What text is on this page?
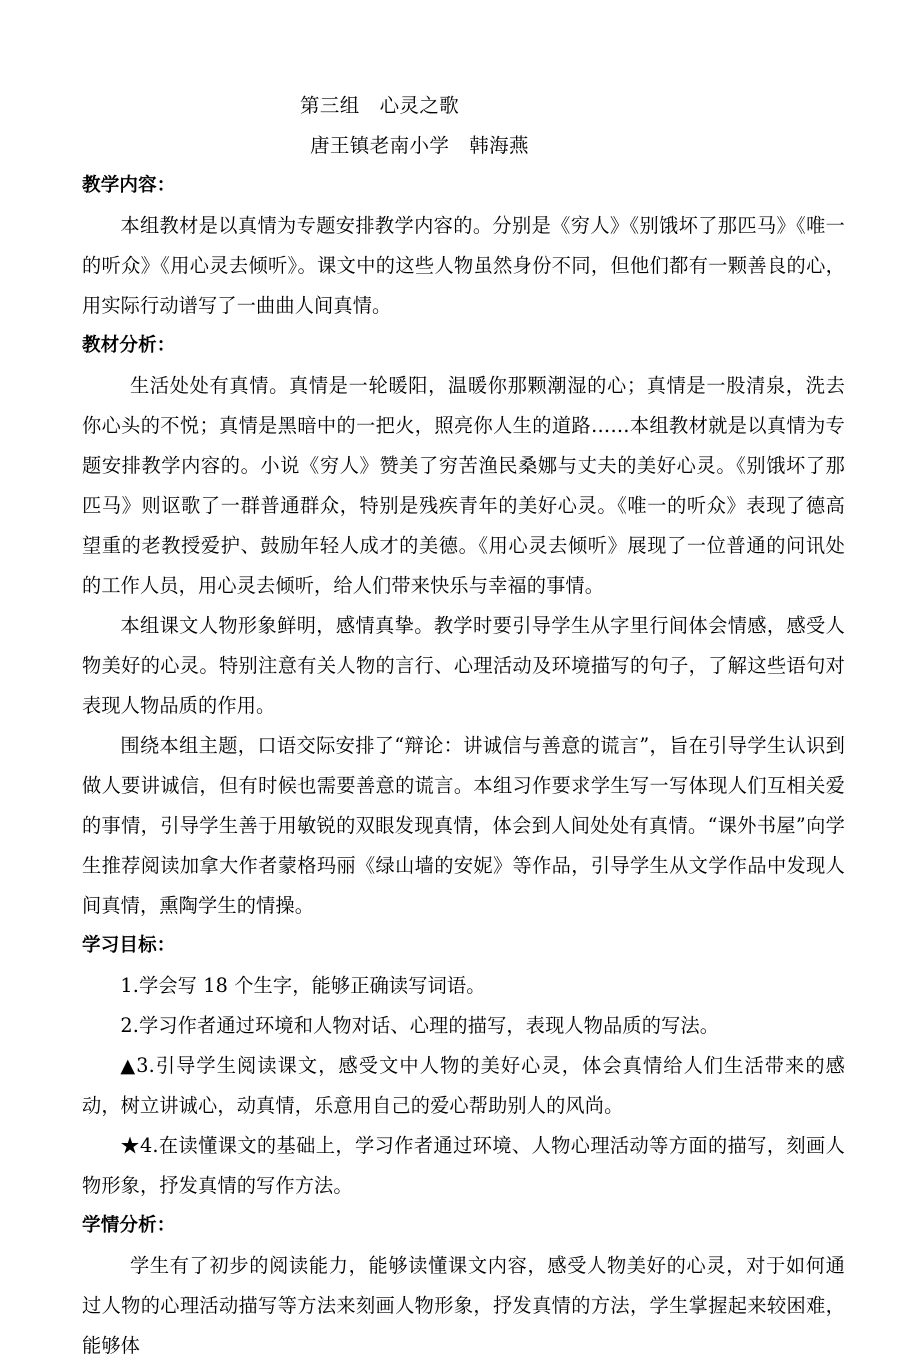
第三组　心灵之歌
唐王镇老南小学　韩海燕
教学内容：

本组教材是以真情为专题安排教学内容的。分别是《穷人》《别饿坏了那匹马》《唯一的听众》《用心灵去倾听》。课文中的这些人物虽然身份不同，但他们都有一颗善良的心，用实际行动谱写了一曲曲人间真情。

教材分析：

生活处处有真情。真情是一轮暖阳，温暖你那颗潮湿的心；真情是一股清泉，洗去你心头的不悦；真情是黑暗中的一把火，照亮你人生的道路……本组教材就是以真情为专题安排教学内容的。小说《穷人》赞美了穷苦渔民桑娜与丈夫的美好心灵。《别饿坏了那匹马》则讴歌了一群普通群众，特别是残疾青年的美好心灵。《唯一的听众》表现了德高望重的老教授爱护、鼓励年轻人成才的美德。《用心灵去倾听》展现了一位普通的问讯处的工作人员，用心灵去倾听，给人们带来快乐与幸福的事情。

本组课文人物形象鲜明，感情真挚。教学时要引导学生从字里行间体会情感，感受人物美好的心灵。特别注意有关人物的言行、心理活动及环境描写的句子，了解这些语句对表现人物品质的作用。

围绕本组主题，口语交际安排了“辩论：讲诚信与善意的谎言”，旨在引导学生认识到做人要讲诚信，但有时候也需要善意的谎言。本组习作要求学生写一写体现人们互相关爱的事情，引导学生善于用敏锐的双眼发现真情，体会到人间处处有真情。“课外书屋”向学生推荐阅读加拿大作者蒙格玛丽《绿山墙的安妮》等作品，引导学生从文学作品中发现人间真情，熏陶学生的情操。

学习目标：

1.学会写 18 个生字，能够正确读写词语。

2.学习作者通过环境和人物对话、心理的描写，表现人物品质的写法。

▲3.引导学生阅读课文，感受文中人物的美好心灵，体会真情给人们生活带来的感动，树立讲诚心，动真情，乐意用自己的爱心帮助别人的风尚。

★4.在读懂课文的基础上，学习作者通过环境、人物心理活动等方面的描写，刻画人物形象，抒发真情的写作方法。

学情分析：

学生有了初步的阅读能力，能够读懂课文内容，感受人物美好的心灵，对于如何通过人物的心理活动描写等方法来刻画人物形象，抒发真情的方法，学生掌握起来较困难，能够体
